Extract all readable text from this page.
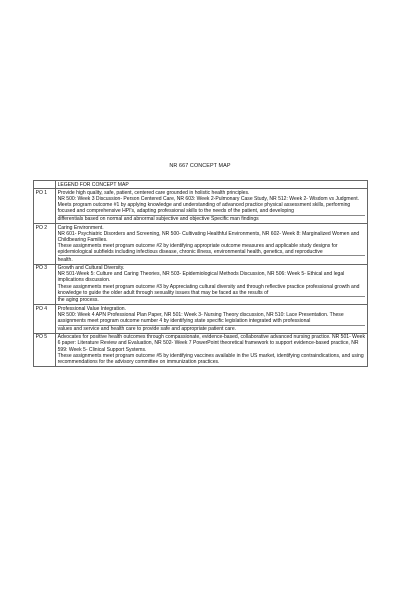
NR 667 CONCEPT MAP
	LEGEND FOR CONCEPT MAP
PO 1	Provide high quality, safe, patient, centered care grounded in holistic health principles.
NR 500: Week 3 Discussion- Person Centered Care, NR 603: Week 2-Pulmonary Case Study, NR 512: Week 2- Wisdom vs Judgment.
Meets program outcome #1 by applying knowledge and understanding of advanced practice physical assessment skills, performing focused and comprehensive HPI's, adapting professional skills to the needs of the patient, and developing
differentials based on normal and abnormal subjective and objective Specific man findings

PO 2	Caring Environment.
NR 601- Psychiatric Disorders and Screening, NR 500- Cultivating Healthful Environments, NR 602- Week 8: Marginalized Women and Childbearing Families.
These assignments meet program outcome #2 by identifying appropriate outcome measures and applicable study designs for epidemiological subfields including infectious disease, chronic illness, environmental health, genetics, and reproductive
health.

PO 3	Growth and Cultural Diversity.
NR 501-Week 5: Culture and Caring Theories, NR 503- Epidemiological Methods Discussion, NR 506: Week 5- Ethical and legal implications discussion.
These assignments meet program outcome #3 by Appreciating cultural diversity and through reflective practice professional growth and knowledge to guide the older adult through sexuality issues that may be faced as the results of
the aging process.

PO 4	Professional Value Integration.
NR 500: Week 4 APN Professional Plan Paper, NR 501: Week 3- Nursing Theory discussion, NR 510: Lace Presentation. These assignments meet program outcome number 4 by identifying state specific legislation integrated with professional
values and service and health care to provide safe and appropriate patient care.

PO 5	Advocates for positive health outcomes through compassionate, evidence-based, collaborative advanced nursing practice. NR 501- Week 6 paper: Literature Review and Evaluation, NR 502- Week 7 PowerPoint theoretical framework to support evidence-based practice, NR 599: Week 5- Clinical Support Systems.
These assignments meet program outcome #5 by identifying vaccines available in the US market, identifying contraindications, and using recommendations for the advisory committee on immunization practices.
